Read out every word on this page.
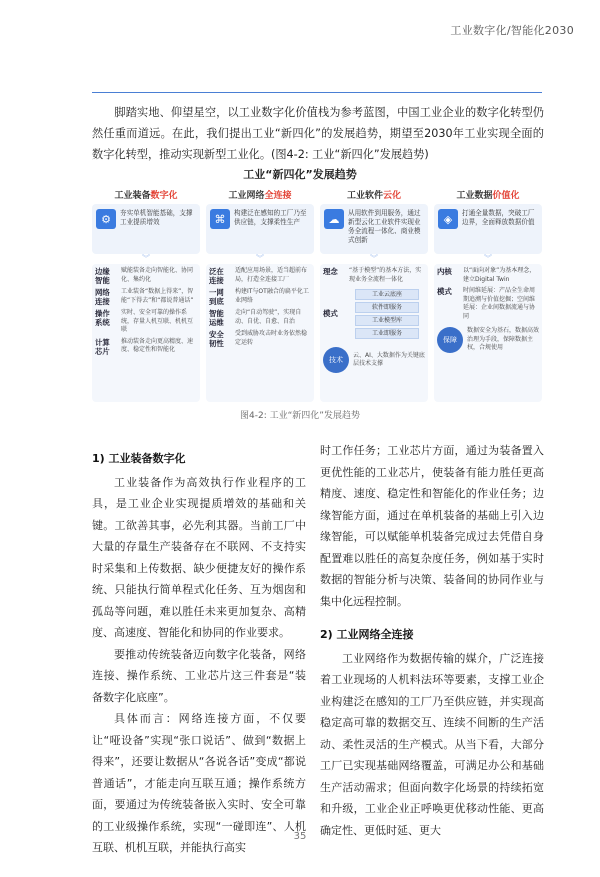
工业数字化/智能化2030

脚踏实地、仰望星空，以工业数字化价值栈为参考蓝图，中国工业企业的数字化转型仍然任重而道远。在此，我们提出工业“新四化”的发展趋势，期望至2030年工业实现全面的数字化转型，推动实现新型工业化。(图4-2: 工业“新四化”发展趋势)

工业“新四化”发展趋势
工业装备数字化
⚙	夯实单机智能基础，支撑工业提质增效
︾
边缘智能
赋能装备走向智能化、协同化、集约化
网络连接
工业装备“数据上得来”，智能“下得去”和“都说普通话”
操作系统
实时、安全可靠的操作系统，存量人机互联、机机互联
计算芯片
推动装备走向更高精度、速度、稳定性和智能化
工业网络全连接
⌘	构建泛在感知的工厂乃至供应链，支撑柔性生产
︾
泛在连接
适配应用场景，适当超前布局，打造全连接工厂
一网到底
构建IT与OT融合的扁平化工业网络
智能运维
走向“自动驾驶”，实现自动、自优、自愈、自治
安全韧性
受到威胁攻击时业务依然稳定运转
工业软件云化
☁	从用软件到用服务，通过新型云化工业软件实现业务全流程一体化、商业模式创新
︾
理念	“基于模型”的基本方法，实现业务全流程一体化
模式
工业云底座
软件即服务
工业模型库
工业即服务
技术
云、AI、大数据作为关键底层技术支撑
工业数据价值化
◈	打通全量数据，突破工厂边界，全面释放数据价值
︾
内核	以“面向对象”为基本理念，建立Digital Twin
模式	时间维延展：产品全生命周期追溯与价值挖掘；空间维延展：企业间数据流通与协同
保障
数据安全为基石，数据高效治理为手段，保障数据主权，合规使用
图4-2: 工业“新四化”发展趋势
1) 工业装备数字化

工业装备作为高效执行作业程序的工具，是工业企业实现提质增效的基础和关键。工欲善其事，必先利其器。当前工厂中大量的存量生产装备存在不联网、不支持实时采集和上传数据、缺少便捷友好的操作系统、只能执行简单程式化任务、互为烟囱和孤岛等问题，难以胜任未来更加复杂、高精度、高速度、智能化和协同的作业要求。

要推动传统装备迈向数字化装备，网络连接、操作系统、工业芯片这三件套是“装备数字化底座”。

具体而言：网络连接方面，不仅要让“哑设备”实现“张口说话”、做到“数据上得来”，还要让数据从“各说各话”变成“都说普通话”，才能走向互联互通；操作系统方面，要通过为传统装备嵌入实时、安全可靠的工业级操作系统，实现“一碰即连”、人机互联、机机互联，并能执行高实

时工作任务；工业芯片方面，通过为装备置入更优性能的工业芯片，使装备有能力胜任更高精度、速度、稳定性和智能化的作业任务；边缘智能方面，通过在单机装备的基础上引入边缘智能，可以赋能单机装备完成过去凭借自身配置难以胜任的高复杂度任务，例如基于实时数据的智能分析与决策、装备间的协同作业与集中化远程控制。

2) 工业网络全连接

工业网络作为数据传输的媒介，广泛连接着工业现场的人机料法环等要素，支撑工业企业构建泛在感知的工厂乃至供应链，并实现高稳定高可靠的数据交互、连续不间断的生产活动、柔性灵活的生产模式。从当下看，大部分工厂已实现基础网络覆盖，可满足办公和基础生产活动需求；但面向数字化场景的持续拓宽和升级，工业企业正呼唤更优移动性能、更高确定性、更低时延、更大

35
